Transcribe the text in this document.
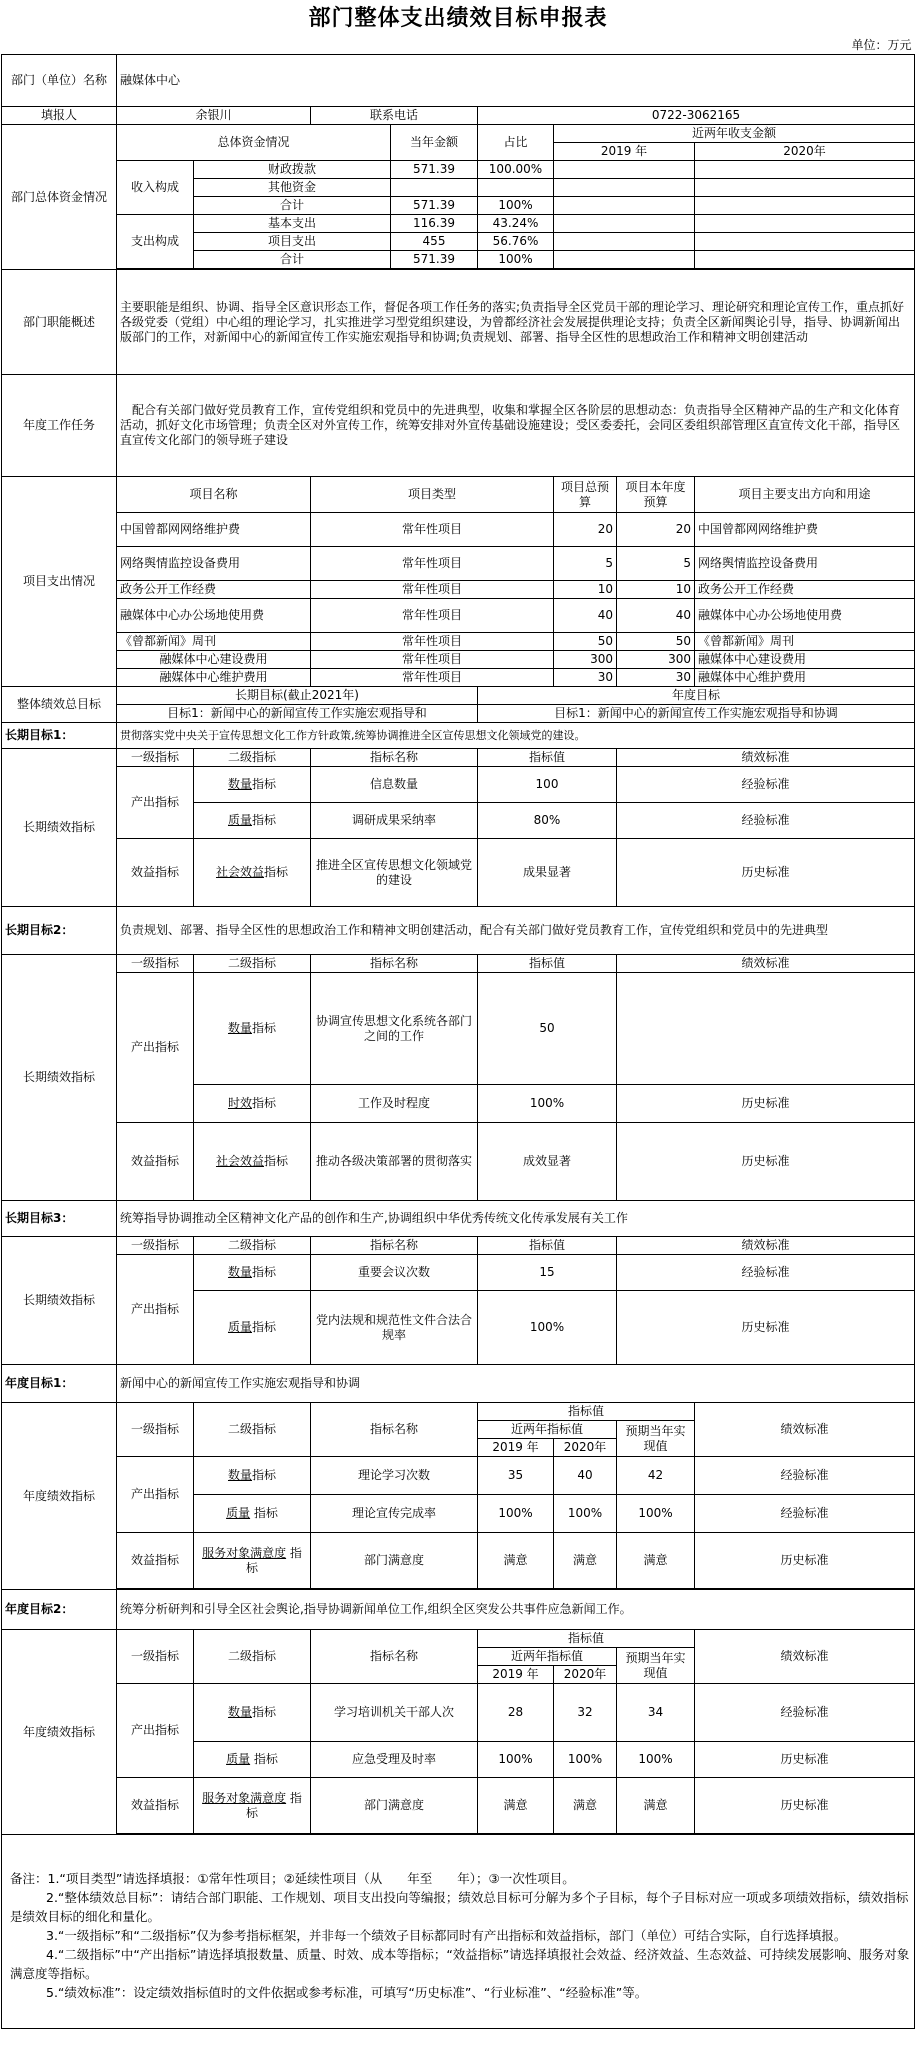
部门整体支出绩效目标申报表								
单位：万元								
部门（单位）名称	融媒体中心							
填报人	余银川		联系电话		0722-3062165			
部门总体资金情况	总体资金情况			当年金额	占比	近两年收支金额		
						2019 年		2020年
	收入构成	财政拨款		571.39	100.00%			
		其他资金						
		合计		571.39	100%			
	支出构成	基本支出		116.39	43.24%			
		项目支出		455	56.76%			
		合计		571.39	100%			

部门职能概述	主要职能是组织、协调、指导全区意识形态工作，督促各项工作任务的落实;负责指导全区党员干部的理论学习、理论研究和理论宣传工作，重点抓好各级党委（党组）中心组的理论学习，扎实推进学习型党组织建设，为曾都经济社会发展提供理论支持；负责全区新闻舆论引导，指导、协调新闻出版部门的工作，对新闻中心的新闻宣传工作实施宏观指导和协调;负责规划、部署、指导全区性的思想政治工作和精神文明创建活动							
年度工作任务	配合有关部门做好党员教育工作，宣传党组织和党员中的先进典型，收集和掌握全区各阶层的思想动态：负责指导全区精神产品的生产和文化体育活动，抓好文化市场管理；负责全区对外宣传工作，统筹安排对外宣传基础设施建设；受区委委托，会同区委组织部管理区直宣传文化干部，指导区直宣传文化部门的领导班子建设							
项目支出情况	项目名称		项目类型			项目总预算	项目本年度预算	项目主要支出方向和用途
	中国曾都网网络维护费		常年性项目			20	20	中国曾都网网络维护费
	网络舆情监控设备费用		常年性项目			5	5	网络舆情监控设备费用
	政务公开工作经费		常年性项目			10	10	政务公开工作经费
	融媒体中心办公场地使用费		常年性项目			40	40	融媒体中心办公场地使用费
	《曾都新闻》周刊		常年性项目			50	50	《曾都新闻》周刊
	融媒体中心建设费用		常年性项目			300	300	融媒体中心建设费用
	融媒体中心维护费用		常年性项目			30	30	融媒体中心维护费用
整体绩效总目标	长期目标(截止2021年)				年度目标			
	目标1：新闻中心的新闻宣传工作实施宏观指导和				目标1：新闻中心的新闻宣传工作实施宏观指导和协调			
长期目标1：	贯彻落实党中央关于宣传思想文化工作方针政策,统筹协调推进全区宣传思想文化领域党的建设。							
长期绩效指标	一级指标	二级指标	指标名称		指标值		绩效标准	
	产出指标	数量指标	信息数量		100		经验标准	
		质量指标	调研成果采纳率		80%		经验标准	
	效益指标	社会效益指标	推进全区宣传思想文化领域党的建设		成果显著		历史标准	
长期目标2：	负责规划、部署、指导全区性的思想政治工作和精神文明创建活动，配合有关部门做好党员教育工作，宣传党组织和党员中的先进典型							
长期绩效指标	一级指标	二级指标	指标名称		指标值		绩效标准	
	产出指标	数量指标	协调宣传思想文化系统各部门之间的工作		50			
		时效指标	工作及时程度		100%		历史标准	
	效益指标	社会效益指标	推动各级决策部署的贯彻落实		成效显著		历史标准	
长期目标3：	统筹指导协调推动全区精神文化产品的创作和生产,协调组织中华优秀传统文化传承发展有关工作							
长期绩效指标	一级指标	二级指标	指标名称		指标值		绩效标准	
	产出指标	数量指标	重要会议次数		15		经验标准	
		质量指标	党内法规和规范性文件合法合规率		100%		历史标准	
年度目标1：	新闻中心的新闻宣传工作实施宏观指导和协调							
年度绩效指标	一级指标	二级指标	指标名称		指标值			绩效标准
					近两年指标值		预期当年实现值	
					2019 年	2020年		
	产出指标	数量指标	理论学习次数		35	40	42	经验标准
		质量 指标	理论宣传完成率		100%	100%	100%	经验标准
	效益指标	服务对象满意度 指标	部门满意度		满意	满意	满意	历史标准

年度目标2：	统筹分析研判和引导全区社会舆论,指导协调新闻单位工作,组织全区突发公共事件应急新闻工作。							
年度绩效指标	一级指标	二级指标	指标名称		指标值			绩效标准
					近两年指标值		预期当年实现值	
					2019 年	2020年		
	产出指标	数量指标	学习培训机关干部人次		28	32	34	经验标准
		质量 指标	应急受理及时率		100%	100%	100%	历史标准
	效益指标	服务对象满意度 指标	部门满意度		满意	满意	满意	历史标准

备注：1.“项目类型”请选择填报：①常年性项目；②延续性项目（从　　年至　　年）；③一次性项目。

2.“整体绩效总目标”：请结合部门职能、工作规划、项目支出投向等编报；绩效总目标可分解为多个子目标，每个子目标对应一项或多项绩效指标，绩效指标是绩效目标的细化和量化。

3.“一级指标”和“二级指标”仅为参考指标框架，并非每一个绩效子目标都同时有产出指标和效益指标，部门（单位）可结合实际，自行选择填报。

4.“二级指标”中“产出指标”请选择填报数量、质量、时效、成本等指标；“效益指标”请选择填报社会效益、经济效益、生态效益、可持续发展影响、服务对象满意度等指标。

5.“绩效标准”：设定绩效指标值时的文件依据或参考标准，可填写“历史标准”、“行业标准”、“经验标准”等。								
